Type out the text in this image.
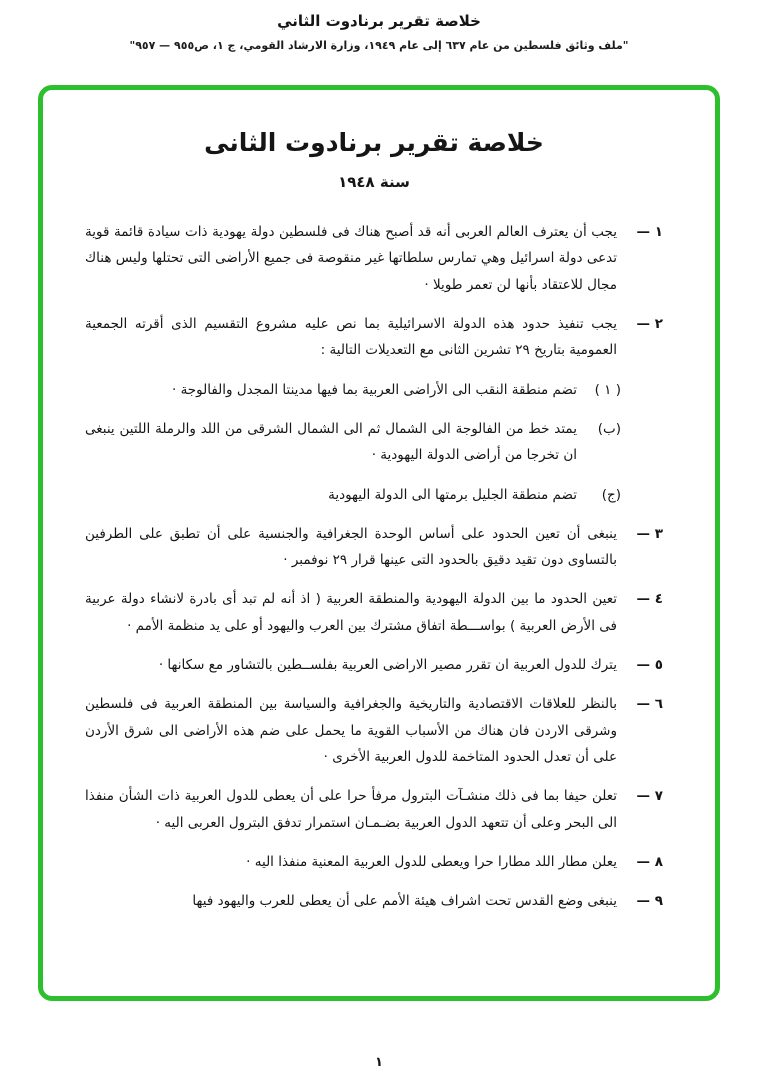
خلاصة تقرير برنادوت الثاني
"ملف وثائق فلسطين من عام ٦٣٧ إلى عام ١٩٤٩، وزارة الارشاد القومي، ج ١، ص٩٥٥ — ٩٥٧"
خلاصة تقرير برنادوت الثانى
سنة ١٩٤٨
١ —
يجب أن يعترف العالم العربى أنه قد أصبح هناك فى فلسطين دولة يهودية ذات سيادة قائمة قوية تدعى دولة اسرائيل وهي تمارس سلطاتها غير منقوصة فى جميع الأراضى التى تحتلها وليس هناك مجال للاعتقاد بأنها لن تعمر طويلا ·
٢ —
يجب تنفيذ حدود هذه الدولة الاسرائيلية بما نص عليه مشروع التقسيم الذى أقرته الجمعية العمومية بتاريخ ٢٩ تشرين الثانى مع التعديلات التالية :
( ١ )
تضم منطقة النقب الى الأراضى العربية بما فيها مدينتا المجدل والفالوجة ·
(ب)
يمتد خط من الفالوجة الى الشمال ثم الى الشمال الشرقى من اللد والرملة اللتين ينبغى ان تخرجا من أراضى الدولة اليهودية ·
(ج)
تضم منطقة الجليل برمتها الى الدولة اليهودية
٣ —
ينبغى أن تعين الحدود على أساس الوحدة الجغرافية والجنسية على أن تطبق على الطرفين بالتساوى دون تقيد دقيق بالحدود التى عينها قرار ٢٩ نوفمبر ·
٤ —
تعين الحدود ما بين الدولة اليهودية والمنطقة العربية ( اذ أنه لم تبد أى بادرة لانشاء دولة عربية فى الأرض العربية ) بواســـطة اتفاق مشترك بين العرب واليهود أو على يد منظمة الأمم ·
٥ —
يترك للدول العربية ان تقرر مصير الاراضى العربية بفلســطين بالتشاور مع سكانها ·
٦ —
بالنظر للعلاقات الاقتصادية والتاريخية والجغرافية والسياسة بين المنطقة العربية فى فلسطين وشرقى الاردن فان هناك من الأسباب القوية ما يحمل على ضم هذه الأراضى الى شرق الأردن على أن تعدل الحدود المتاخمة للدول العربية الأخرى ·
٧ —
تعلن حيفا بما فى ذلك منشـآت البترول مرفأ حرا على أن يعطى للدول العربية ذات الشأن منفذا الى البحر وعلى أن تتعهد الدول العربية بضـمـان استمرار تدفق البترول العربى اليه ·
٨ —
يعلن مطار اللد مطارا حرا ويعطى للدول العربية المعنية منفذا اليه ·
٩ —
ينبغى وضع القدس تحت اشراف هيئة الأمم على أن يعطى للعرب واليهود فيها
١
